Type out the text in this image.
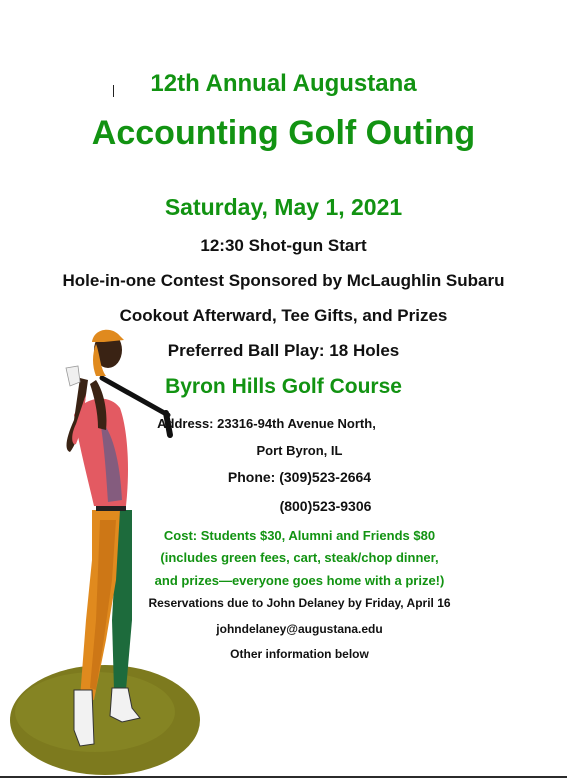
12th Annual Augustana
Accounting Golf Outing
Saturday, May 1, 2021
12:30 Shot-gun Start
Hole-in-one Contest Sponsored by McLaughlin Subaru
Cookout Afterward, Tee Gifts, and Prizes
Preferred Ball Play: 18 Holes
Byron Hills Golf Course
Address: 23316-94th Avenue North,
Port Byron, IL
Phone: (309)523-2664
(800)523-9306
Cost: Students $30, Alumni and Friends $80
(includes green fees, cart, steak/chop dinner,
and prizes—everyone goes home with a prize!)
Reservations due to John Delaney by Friday, April 16
johndelaney@augustana.edu
Other information below
